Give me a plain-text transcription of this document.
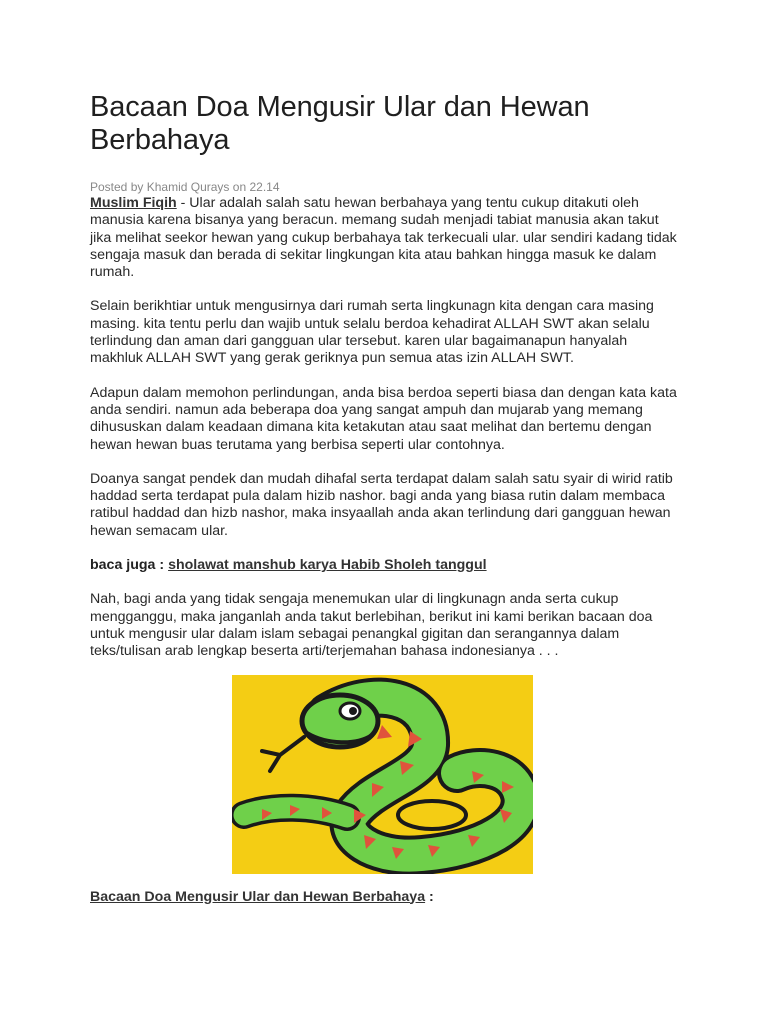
Bacaan Doa Mengusir Ular dan Hewan Berbahaya
Posted by Khamid Qurays on 22.14

Muslim Fiqih - Ular adalah salah satu hewan berbahaya yang tentu cukup ditakuti oleh manusia karena bisanya yang beracun. memang sudah menjadi tabiat manusia akan takut jika melihat seekor hewan yang cukup berbahaya tak terkecuali ular. ular sendiri kadang tidak sengaja masuk dan berada di sekitar lingkungan kita atau bahkan hingga masuk ke dalam rumah.

Selain berikhtiar untuk mengusirnya dari rumah serta lingkunagn kita dengan cara masing masing. kita tentu perlu dan wajib untuk selalu berdoa kehadirat ALLAH SWT akan selalu terlindung dan aman dari gangguan ular tersebut. karen ular bagaimanapun hanyalah makhluk ALLAH SWT yang gerak geriknya pun semua atas izin ALLAH SWT.

Adapun dalam memohon perlindungan, anda bisa berdoa seperti biasa dan dengan kata kata anda sendiri. namun ada beberapa doa yang sangat ampuh dan mujarab yang memang dihususkan dalam keadaan dimana kita ketakutan atau saat melihat dan bertemu dengan hewan hewan buas terutama yang berbisa seperti ular contohnya.

Doanya sangat pendek dan mudah dihafal serta terdapat dalam salah satu syair di wirid ratib haddad serta terdapat pula dalam hizib nashor. bagi anda yang biasa rutin dalam membaca ratibul haddad dan hizb nashor, maka insyaallah anda akan terlindung dari gangguan hewan hewan semacam ular.

baca juga : sholawat manshub karya Habib Sholeh tanggul

Nah, bagi anda yang tidak sengaja menemukan ular di lingkunagn anda serta cukup mengganggu, maka janganlah anda takut berlebihan, berikut ini kami berikan bacaan doa untuk mengusir ular dalam islam sebagai penangkal gigitan dan serangannya dalam teks/tulisan arab lengkap beserta arti/terjemahan bahasa indonesianya . . .

Bacaan Doa Mengusir Ular dan Hewan Berbahaya :
